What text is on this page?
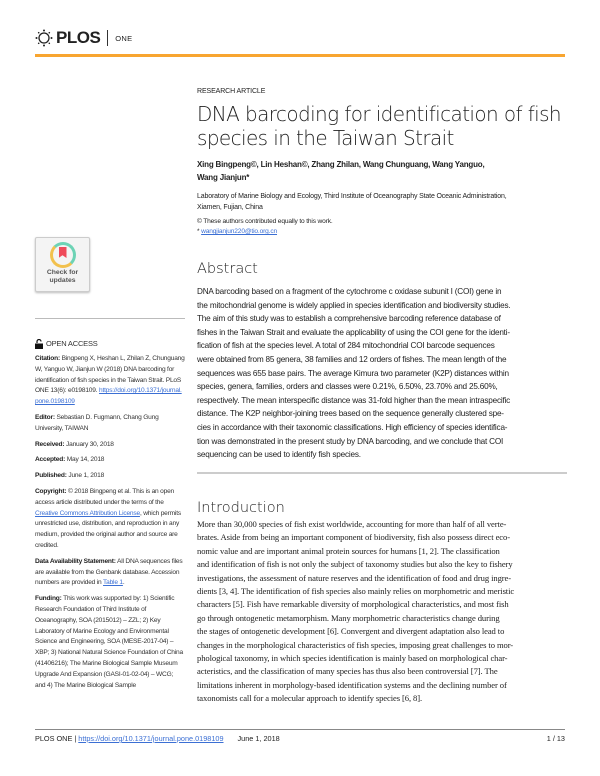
PLOS ONE
RESEARCH ARTICLE
DNA barcoding for identification of fish
species in the Taiwan Strait
Xing Bingpeng©, Lin Heshan©, Zhang Zhilan, Wang Chunguang, Wang Yanguo,
Wang Jianjun*
Laboratory of Marine Biology and Ecology, Third Institute of Oceanography State Oceanic Administration,
Xiamen, Fujian, China
© These authors contributed equally to this work.
* wangjianjun220@tio.org.cn
Abstract
DNA barcoding based on a fragment of the cytochrome c oxidase subunit I (COI) gene in
the mitochondrial genome is widely applied in species identification and biodiversity studies.
The aim of this study was to establish a comprehensive barcoding reference database of
fishes in the Taiwan Strait and evaluate the applicability of using the COI gene for the identi-
fication of fish at the species level. A total of 284 mitochondrial COI barcode sequences
were obtained from 85 genera, 38 families and 12 orders of fishes. The mean length of the
sequences was 655 base pairs. The average Kimura two parameter (K2P) distances within
species, genera, families, orders and classes were 0.21%, 6.50%, 23.70% and 25.60%,
respectively. The mean interspecific distance was 31-fold higher than the mean intraspecific
distance. The K2P neighbor-joining trees based on the sequence generally clustered spe-
cies in accordance with their taxonomic classifications. High efficiency of species identifica-
tion was demonstrated in the present study by DNA barcoding, and we conclude that COI
sequencing can be used to identify fish species.
Introduction
More than 30,000 species of fish exist worldwide, accounting for more than half of all verte-
brates. Aside from being an important component of biodiversity, fish also possess direct eco-
nomic value and are important animal protein sources for humans [1, 2]. The classification
and identification of fish is not only the subject of taxonomy studies but also the key to fishery
investigations, the assessment of nature reserves and the identification of food and drug ingre-
dients [3, 4]. The identification of fish species also mainly relies on morphometric and meristic
characters [5]. Fish have remarkable diversity of morphological characteristics, and most fish
go through ontogenetic metamorphism. Many morphometric characteristics change during
the stages of ontogenetic development [6]. Convergent and divergent adaptation also lead to
changes in the morphological characteristics of fish species, imposing great challenges to mor-
phological taxonomy, in which species identification is mainly based on morphological char-
acteristics, and the classification of many species has thus also been controversial [7]. The
limitations inherent in morphology-based identification systems and the declining number of
taxonomists call for a molecular approach to identify species [6, 8].
Check for
updates
OPEN ACCESS
Citation: Bingpeng X, Heshan L, Zhilan Z, Chunguang W, Yanguo W, Jianjun W (2018) DNA barcoding for identification of fish species in the Taiwan Strait. PLoS ONE 13(6): e0198109. https://doi.org/10.1371/journal.pone.0198109
Editor: Sebastian D. Fugmann, Chang Gung University, TAIWAN
Received: January 30, 2018
Accepted: May 14, 2018
Published: June 1, 2018
Copyright: © 2018 Bingpeng et al. This is an open access article distributed under the terms of the Creative Commons Attribution License, which permits unrestricted use, distribution, and reproduction in any medium, provided the original author and source are credited.
Data Availability Statement: All DNA sequences files are available from the Genbank database. Accession numbers are provided in Table 1.
Funding: This work was supported by: 1) Scientific Research Foundation of Third Institute of Oceanography, SOA (2015012) – ZZL; 2) Key Laboratory of Marine Ecology and Environmental Science and Engineering, SOA (MESE-2017-04) – XBP; 3) National Natural Science Foundation of China (41406216); The Marine Biological Sample Museum Upgrade And Expansion (GASI-01-02-04) – WCG; and 4) The Marine Biological Sample
PLOS ONE | https://doi.org/10.1371/journal.pone.0198109 June 1, 2018	1 / 13
